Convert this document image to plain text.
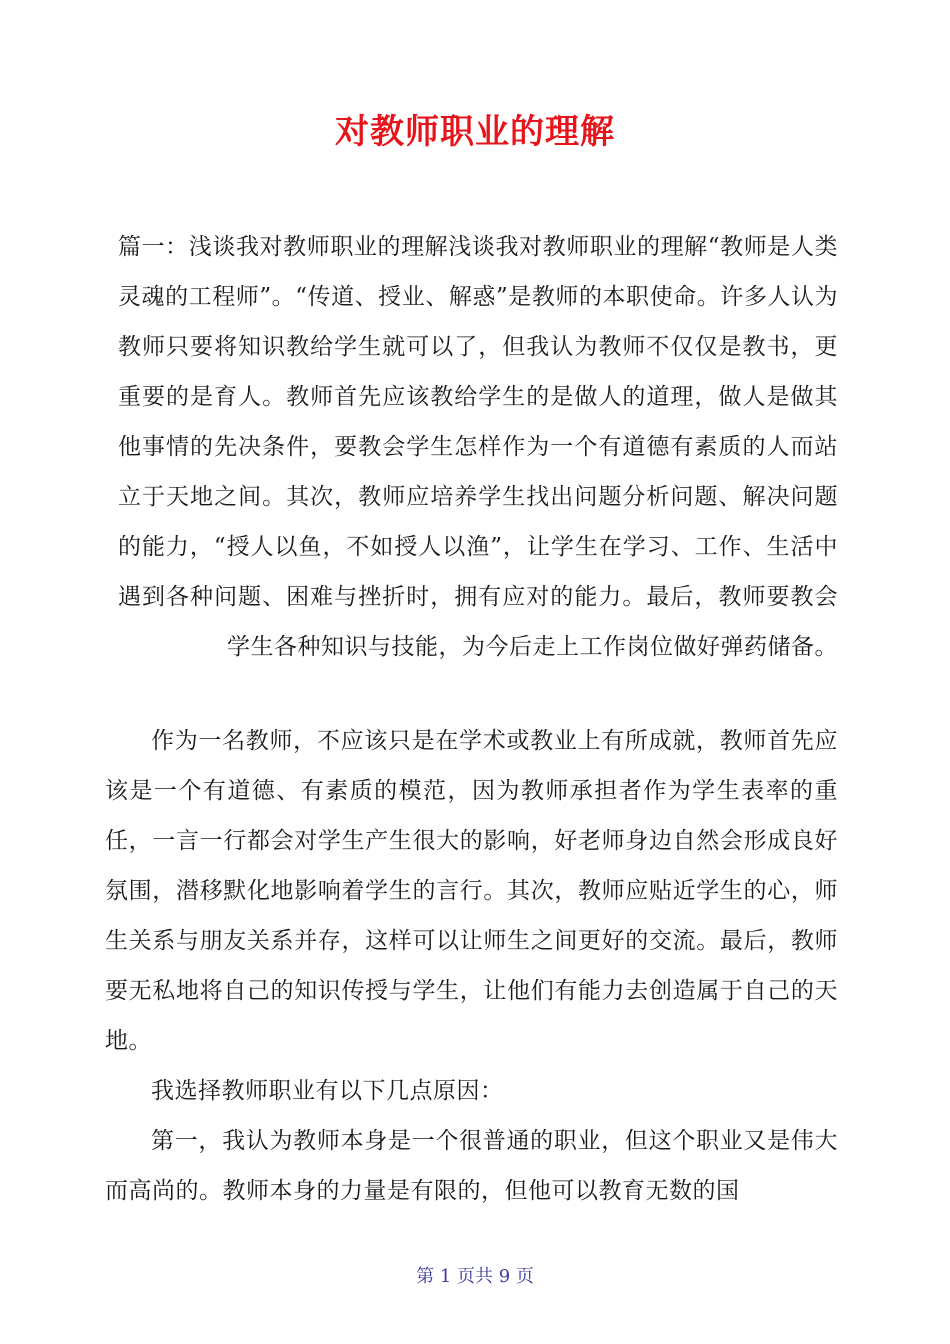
对教师职业的理解
篇一：浅谈我对教师职业的理解浅谈我对教师职业的理解“教师是人类灵魂的工程师”。“传道、授业、解惑”是教师的本职使命。许多人认为教师只要将知识教给学生就可以了，但我认为教师不仅仅是教书，更重要的是育人。教师首先应该教给学生的是做人的道理，做人是做其他事情的先决条件，要教会学生怎样作为一个有道德有素质的人而站立于天地之间。其次，教师应培养学生找出问题分析问题、解决问题的能力，“授人以鱼，不如授人以渔”，让学生在学习、工作、生活中遇到各种问题、困难与挫折时，拥有应对的能力。最后，教师要教会学生各种知识与技能，为今后走上工作岗位做好弹药储备。

作为一名教师，不应该只是在学术或教业上有所成就，教师首先应该是一个有道德、有素质的模范，因为教师承担者作为学生表率的重任，一言一行都会对学生产生很大的影响，好老师身边自然会形成良好氛围，潜移默化地影响着学生的言行。其次，教师应贴近学生的心，师生关系与朋友关系并存，这样可以让师生之间更好的交流。最后，教师要无私地将自己的知识传授与学生，让他们有能力去创造属于自己的天地。

我选择教师职业有以下几点原因：

第一，我认为教师本身是一个很普通的职业，但这个职业又是伟大而高尚的。教师本身的力量是有限的，但他可以教育无数的国

第 1 页共 9 页
